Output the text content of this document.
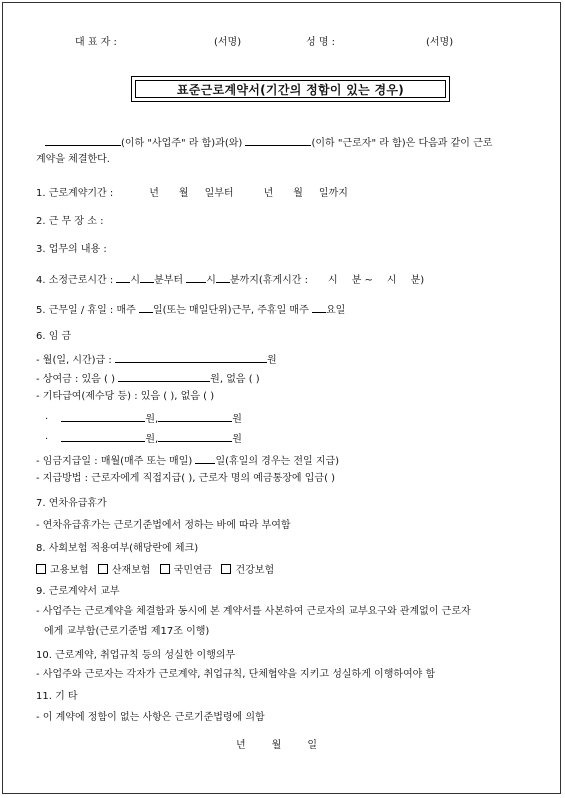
대 표 자 :	(서명)	성 명 :	(서명)
표준근로계약서(기간의 정함이 있는 경우)
(이하 "사업주" 라 함)과(와)	(이하 "근로자" 라 함)은 다음과 같이 근로
계약을 체결한다.
1. 근로계약기간 :	년 월 일부터	년 월 일까지
2. 근 무 장 소 :
3. 업무의 내용 :
4. 소정근로시간 : 시 분부터 시 분까지(휴게시간 : 시 분 ~ 시 분)
5. 근무일 / 휴일 : 매주 일(또는 매일단위)근무, 주휴일 매주 요일
6. 임 금
- 월(일, 시간)급 :	원
- 상여금 : 있음 ( )	원, 없음 ( )
- 기타급여(제수당 등) : 있음 ( ), 없음 ( )
·	원,	원
·	원,	원
- 임금지급일 : 매월(매주 또는 매일) 일(휴일의 경우는 전일 지급)
- 지급방법 : 근로자에게 직접지급( ), 근로자 명의 예금통장에 입금( )
7. 연차유급휴가
- 연차유급휴가는 근로기준법에서 정하는 바에 따라 부여함
8. 사회보험 적용여부(해당란에 체크)
고용보험 산재보험 국민연금 건강보험
9. 근로계약서 교부
- 사업주는 근로계약을 체결함과 동시에 본 계약서를 사본하여 근로자의 교부요구와 관계없이 근로자
에게 교부함(근로기준법 제17조 이행)
10. 근로계약, 취업규칙 등의 성실한 이행의무
- 사업주와 근로자는 각자가 근로계약, 취업규칙, 단체협약을 지키고 성실하게 이행하여야 함
11. 기 타
- 이 계약에 정함이 없는 사항은 근로기준법령에 의함
년	월	일
